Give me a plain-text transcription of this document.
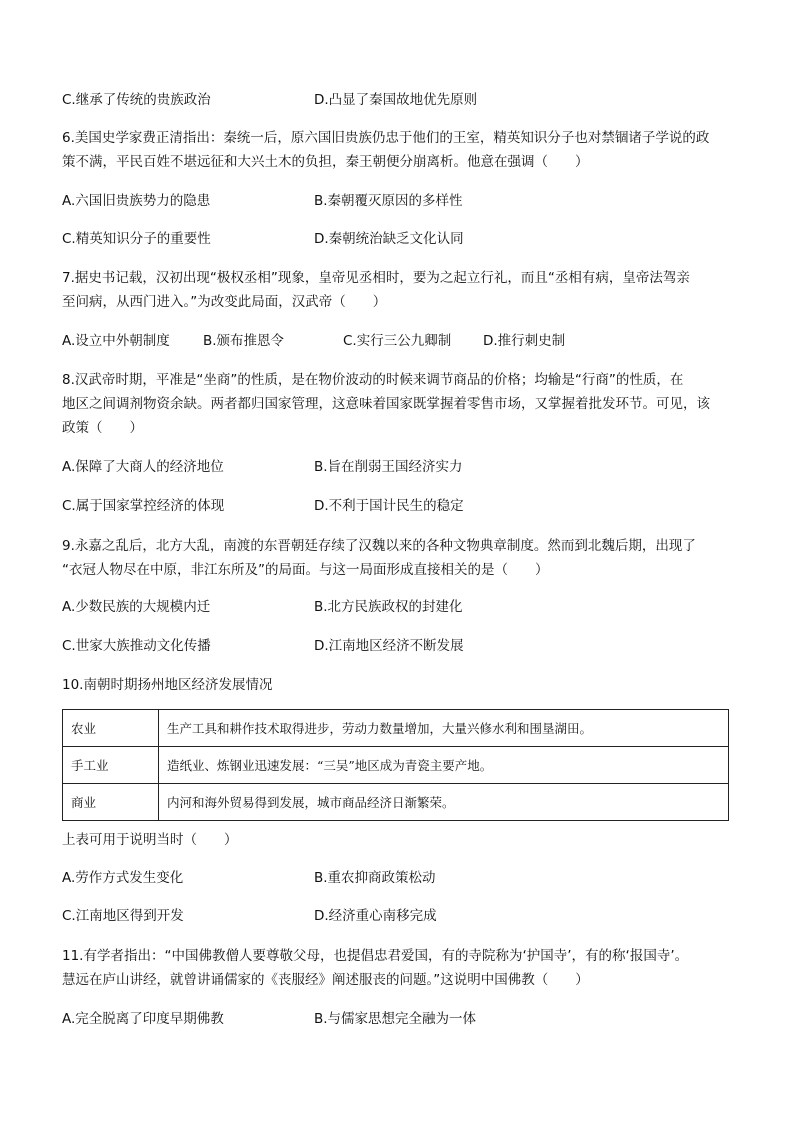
C.继承了传统的贵族政治	D.凸显了秦国故地优先原则
6.美国史学家费正清指出：秦统一后，原六国旧贵族仍忠于他们的王室，精英知识分子也对禁锢诸子学说的政
策不满，平民百姓不堪远征和大兴土木的负担，秦王朝便分崩离析。他意在强调（　　）
A.六国旧贵族势力的隐患	B.秦朝覆灭原因的多样性
C.精英知识分子的重要性	D.秦朝统治缺乏文化认同
7.据史书记载，汉初出现“极权丞相”现象，皇帝见丞相时，要为之起立行礼，而且“丞相有病，皇帝法驾亲
至问病，从西门进入。”为改变此局面，汉武帝（　　）
A.设立中外朝制度 B.颁布推恩令	C.实行三公九卿制 D.推行刺史制
8.汉武帝时期，平准是“坐商”的性质，是在物价波动的时候来调节商品的价格；均输是“行商”的性质，在
地区之间调剂物资余缺。两者都归国家管理，这意味着国家既掌握着零售市场，又掌握着批发环节。可见，该
政策（　　）
A.保障了大商人的经济地位	B.旨在削弱王国经济实力
C.属于国家掌控经济的体现	D.不利于国计民生的稳定
9.永嘉之乱后，北方大乱，南渡的东晋朝廷存续了汉魏以来的各种文物典章制度。然而到北魏后期，出现了
“衣冠人物尽在中原，非江东所及”的局面。与这一局面形成直接相关的是（　　）
A.少数民族的大规模内迁	B.北方民族政权的封建化
C.世家大族推动文化传播	D.江南地区经济不断发展
10.南朝时期扬州地区经济发展情况
农业	生产工具和耕作技术取得进步，劳动力数量增加，大量兴修水利和围垦湖田。
手工业	造纸业、炼钢业迅速发展：“三吴”地区成为青瓷主要产地。
商业	内河和海外贸易得到发展，城市商品经济日渐繁荣。
上表可用于说明当时（　　）
A.劳作方式发生变化	B.重农抑商政策松动
C.江南地区得到开发	D.经济重心南移完成
11.有学者指出：“中国佛教僧人要尊敬父母，也提倡忠君爱国，有的寺院称为‘护国寺’，有的称‘报国寺’。
慧远在庐山讲经，就曾讲诵儒家的《丧服经》阐述服丧的问题。”这说明中国佛教（　　）
A.完全脱离了印度早期佛教	B.与儒家思想完全融为一体
